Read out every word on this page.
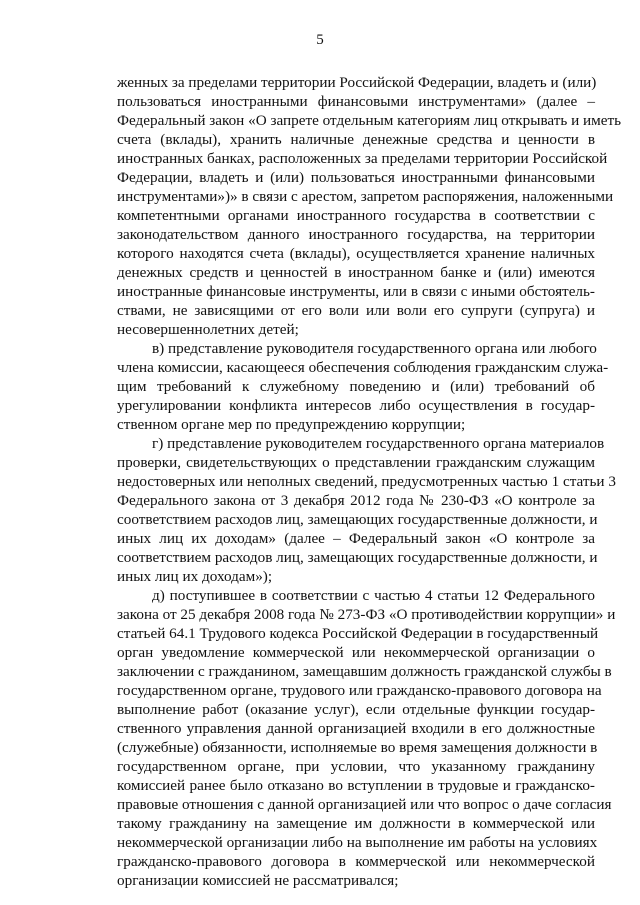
5
женных за пределами территории Российской Федерации, владеть и (или)
пользоваться иностранными финансовыми инструментами» (далее –
Федеральный закон «О запрете отдельным категориям лиц открывать и иметь
счета (вклады), хранить наличные денежные средства и ценности в
иностранных банках, расположенных за пределами территории Российской
Федерации, владеть и (или) пользоваться иностранными финансовыми
инструментами»)» в связи с арестом, запретом распоряжения, наложенными
компетентными органами иностранного государства в соответствии с
законодательством данного иностранного государства, на территории
которого находятся счета (вклады), осуществляется хранение наличных
денежных средств и ценностей в иностранном банке и (или) имеются
иностранные финансовые инструменты, или в связи с иными обстоятель-
ствами, не зависящими от его воли или воли его супруги (супруга) и
несовершеннолетних детей;
в) представление руководителя государственного органа или любого
члена комиссии, касающееся обеспечения соблюдения гражданским служа-
щим требований к служебному поведению и (или) требований об
урегулировании конфликта интересов либо осуществления в государ-
ственном органе мер по предупреждению коррупции;
г) представление руководителем государственного органа материалов
проверки, свидетельствующих о представлении гражданским служащим
недостоверных или неполных сведений, предусмотренных частью 1 статьи 3
Федерального закона от 3 декабря 2012 года № 230-ФЗ «О контроле за
соответствием расходов лиц, замещающих государственные должности, и
иных лиц их доходам» (далее – Федеральный закон «О контроле за
соответствием расходов лиц, замещающих государственные должности, и
иных лиц их доходам»);
д) поступившее в соответствии с частью 4 статьи 12 Федерального
закона от 25 декабря 2008 года № 273-ФЗ «О противодействии коррупции» и
статьей 64.1 Трудового кодекса Российской Федерации в государственный
орган уведомление коммерческой или некоммерческой организации о
заключении с гражданином, замещавшим должность гражданской службы в
государственном органе, трудового или гражданско-правового договора на
выполнение работ (оказание услуг), если отдельные функции государ-
ственного управления данной организацией входили в его должностные
(служебные) обязанности, исполняемые во время замещения должности в
государственном органе, при условии, что указанному гражданину
комиссией ранее было отказано во вступлении в трудовые и гражданско-
правовые отношения с данной организацией или что вопрос о даче согласия
такому гражданину на замещение им должности в коммерческой или
некоммерческой организации либо на выполнение им работы на условиях
гражданско-правового договора в коммерческой или некоммерческой
организации комиссией не рассматривался;
